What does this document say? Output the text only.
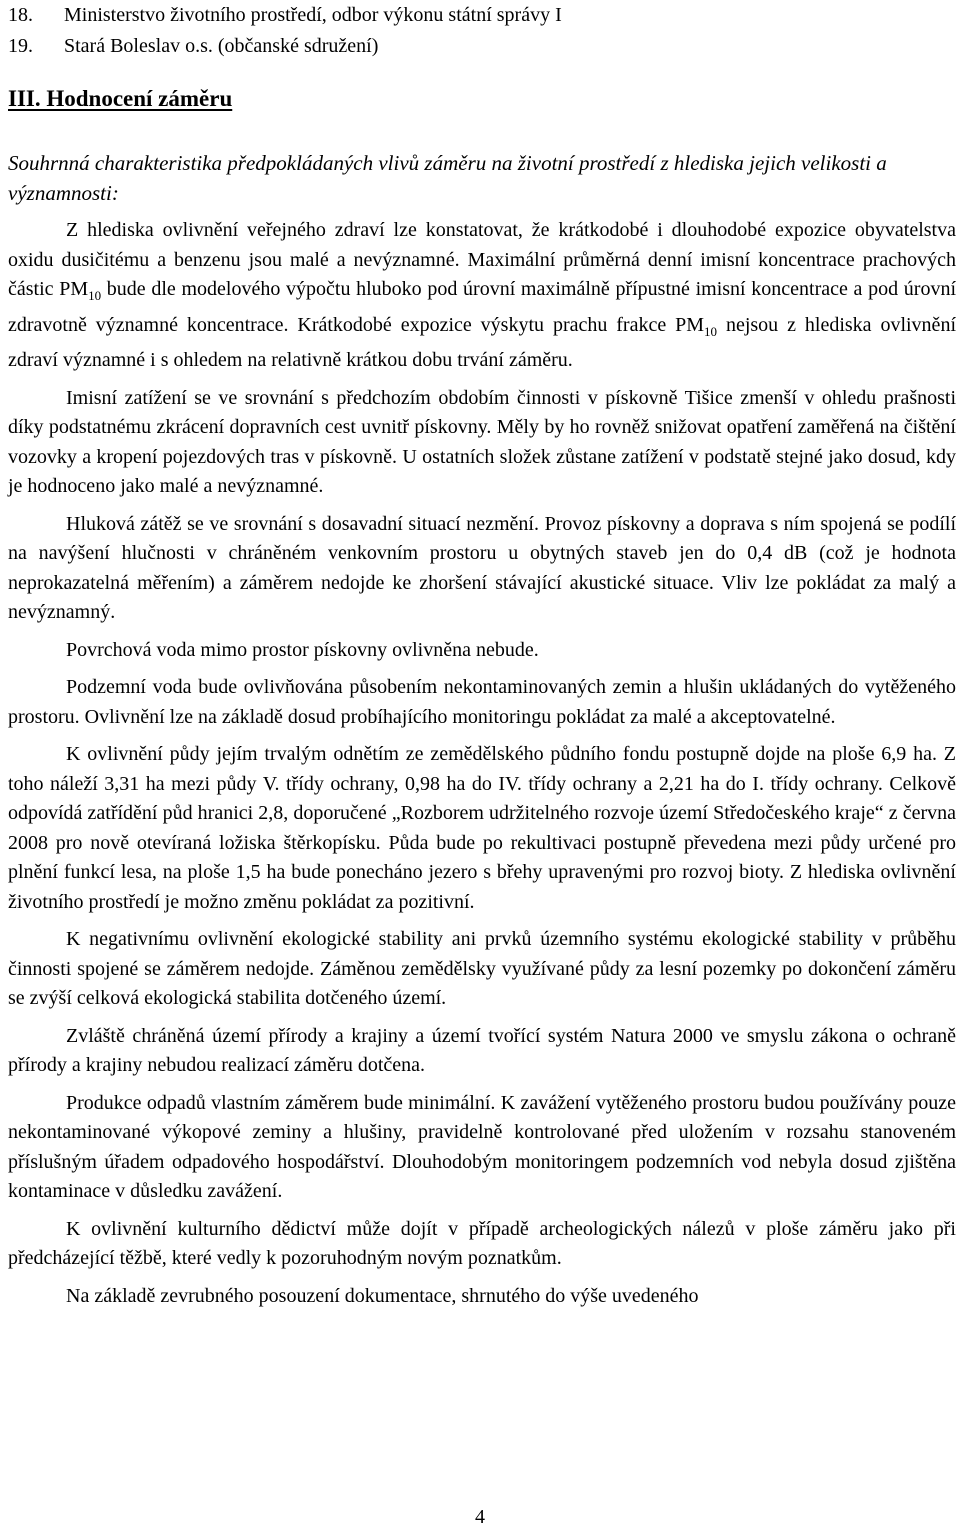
18. Ministerstvo životního prostředí, odbor výkonu státní správy I
19. Stará Boleslav o.s. (občanské sdružení)
III. Hodnocení záměru

Souhrnná charakteristika předpokládaných vlivů záměru na životní prostředí z hlediska jejich velikosti a významnosti:

Z hlediska ovlivnění veřejného zdraví lze konstatovat, že krátkodobé i dlouhodobé expozice obyvatelstva oxidu dusičitému a benzenu jsou malé a nevýznamné. Maximální průměrná denní imisní koncentrace prachových částic $PM_{10}$ bude dle modelového výpočtu hluboko pod úrovní maximálně přípustné imisní koncentrace a pod úrovní zdravotně významné koncentrace. Krátkodobé expozice výskytu prachu frakce $PM_{10}$ nejsou z hlediska ovlivnění zdraví významné i s ohledem na relativně krátkou dobu trvání záměru.

Imisní zatížení se ve srovnání s předchozím obdobím činnosti v pískovně Tišice zmenší v ohledu prašnosti díky podstatnému zkrácení dopravních cest uvnitř pískovny. Měly by ho rovněž snižovat opatření zaměřená na čištění vozovky a kropení pojezdových tras v pískovně. U ostatních složek zůstane zatížení v podstatě stejné jako dosud, kdy je hodnoceno jako malé a nevýznamné.

Hluková zátěž se ve srovnání s dosavadní situací nezmění. Provoz pískovny a doprava s ním spojená se podílí na navýšení hlučnosti v chráněném venkovním prostoru u obytných staveb jen do 0,4 dB (což je hodnota neprokazatelná měřením) a záměrem nedojde ke zhoršení stávající akustické situace. Vliv lze pokládat za malý a nevýznamný.

Povrchová voda mimo prostor pískovny ovlivněna nebude.

Podzemní voda bude ovlivňována působením nekontaminovaných zemin a hlušin ukládaných do vytěženého prostoru. Ovlivnění lze na základě dosud probíhajícího monitoringu pokládat za malé a akceptovatelné.

K ovlivnění půdy jejím trvalým odnětím ze zemědělského půdního fondu postupně dojde na ploše 6,9 ha. Z toho náleží 3,31 ha mezi půdy V. třídy ochrany, 0,98 ha do IV. třídy ochrany a 2,21 ha do I. třídy ochrany. Celkově odpovídá zatřídění půd hranici 2,8, doporučené „Rozborem udržitelného rozvoje území Středočeského kraje“ z června 2008 pro nově otevíraná ložiska štěrkopísku. Půda bude po rekultivaci postupně převedena mezi půdy určené pro plnění funkcí lesa, na ploše 1,5 ha bude ponecháno jezero s břehy upravenými pro rozvoj bioty. Z hlediska ovlivnění životního prostředí je možno změnu pokládat za pozitivní.

K negativnímu ovlivnění ekologické stability ani prvků územního systému ekologické stability v průběhu činnosti spojené se záměrem nedojde. Záměnou zemědělsky využívané půdy za lesní pozemky po dokončení záměru se zvýší celková ekologická stabilita dotčeného území.

Zvláště chráněná území přírody a krajiny a území tvořící systém Natura 2000 ve smyslu zákona o ochraně přírody a krajiny nebudou realizací záměru dotčena.

Produkce odpadů vlastním záměrem bude minimální. K zavážení vytěženého prostoru budou používány pouze nekontaminované výkopové zeminy a hlušiny, pravidelně kontrolované před uložením v rozsahu stanoveném příslušným úřadem odpadového hospodářství. Dlouhodobým monitoringem podzemních vod nebyla dosud zjištěna kontaminace v důsledku zavážení.

K ovlivnění kulturního dědictví může dojít v případě archeologických nálezů v ploše záměru jako při předcházející těžbě, které vedly k pozoruhodným novým poznatkům.

Na základě zevrubného posouzení dokumentace, shrnutého do výše uvedeného

4
